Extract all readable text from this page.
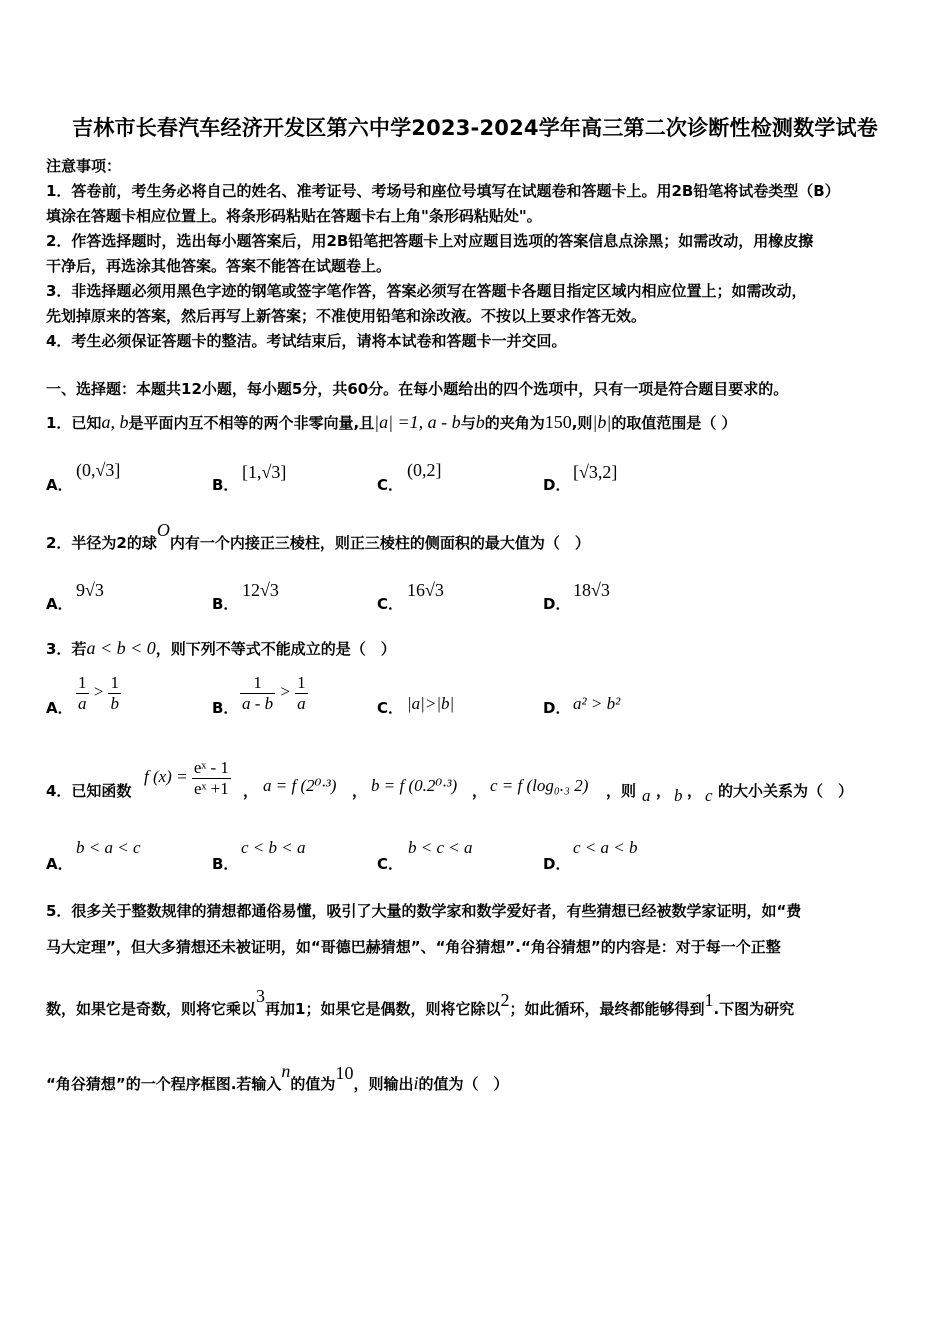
吉林市长春汽车经济开发区第六中学2023-2024学年高三第二次诊断性检测数学试卷
注意事项：
1．答卷前，考生务必将自己的姓名、准考证号、考场号和座位号填写在试题卷和答题卡上。用2B铅笔将试卷类型（B）
填涂在答题卡相应位置上。将条形码粘贴在答题卡右上角"条形码粘贴处"。
2．作答选择题时，选出每小题答案后，用2B铅笔把答题卡上对应题目选项的答案信息点涂黑；如需改动，用橡皮擦
干净后，再选涂其他答案。答案不能答在试题卷上。
3．非选择题必须用黑色字迹的钢笔或签字笔作答，答案必须写在答题卡各题目指定区域内相应位置上；如需改动，
先划掉原来的答案，然后再写上新答案；不准使用铅笔和涂改液。不按以上要求作答无效。
4．考生必须保证答题卡的整洁。考试结束后，请将本试卷和答题卡一并交回。
一、选择题：本题共12小题，每小题5分，共60分。在每小题给出的四个选项中，只有一项是符合题目要求的。
1．已知a, b是平面内互不相等的两个非零向量,且|a| =1, a - b与b的夹角为150,则|b|的取值范围是（ ）
A．
(0,√3]
B．
[1,√3]
C．
(0,2]
D．
[√3,2]
2．半径为2的球O内有一个内接正三棱柱，则正三棱柱的侧面积的最大值为（　）
A．
9√3
B．
12√3
C．
16√3
D．
18√3
3．若a < b < 0，则下列不等式不能成立的是（　）
A． $\frac{1}{a} > \frac{1}{b}$	B． $\frac{1}{a - b} > \frac{1}{a}$	C． |a|>|b|	D． a² > b²
4．已知函数
f $(x) = \frac{\text{eˣ - 1}}{\text{eˣ +1}}$ ， a = f (2⁰·³) ， b = f (0.2⁰·³) ， c = f (log₀.₃ 2) ，则 a ， b ， c 的大小关系为（　）
A．
b < a < c
B．
c < b < a
C．
b < c < a
D．
c < a < b
5．很多关于整数规律的猜想都通俗易懂，吸引了大量的数学家和数学爱好者，有些猜想已经被数学家证明，如“费
马大定理”，但大多猜想还未被证明，如“哥德巴赫猜想”、“角谷猜想”.“角谷猜想”的内容是：对于每一个正整
数，如果它是奇数，则将它乘以3再加1；如果它是偶数，则将它除以2；如此循环，最终都能够得到1.下图为研究
“角谷猜想”的一个程序框图.若输入n的值为10，则输出i的值为（　）
